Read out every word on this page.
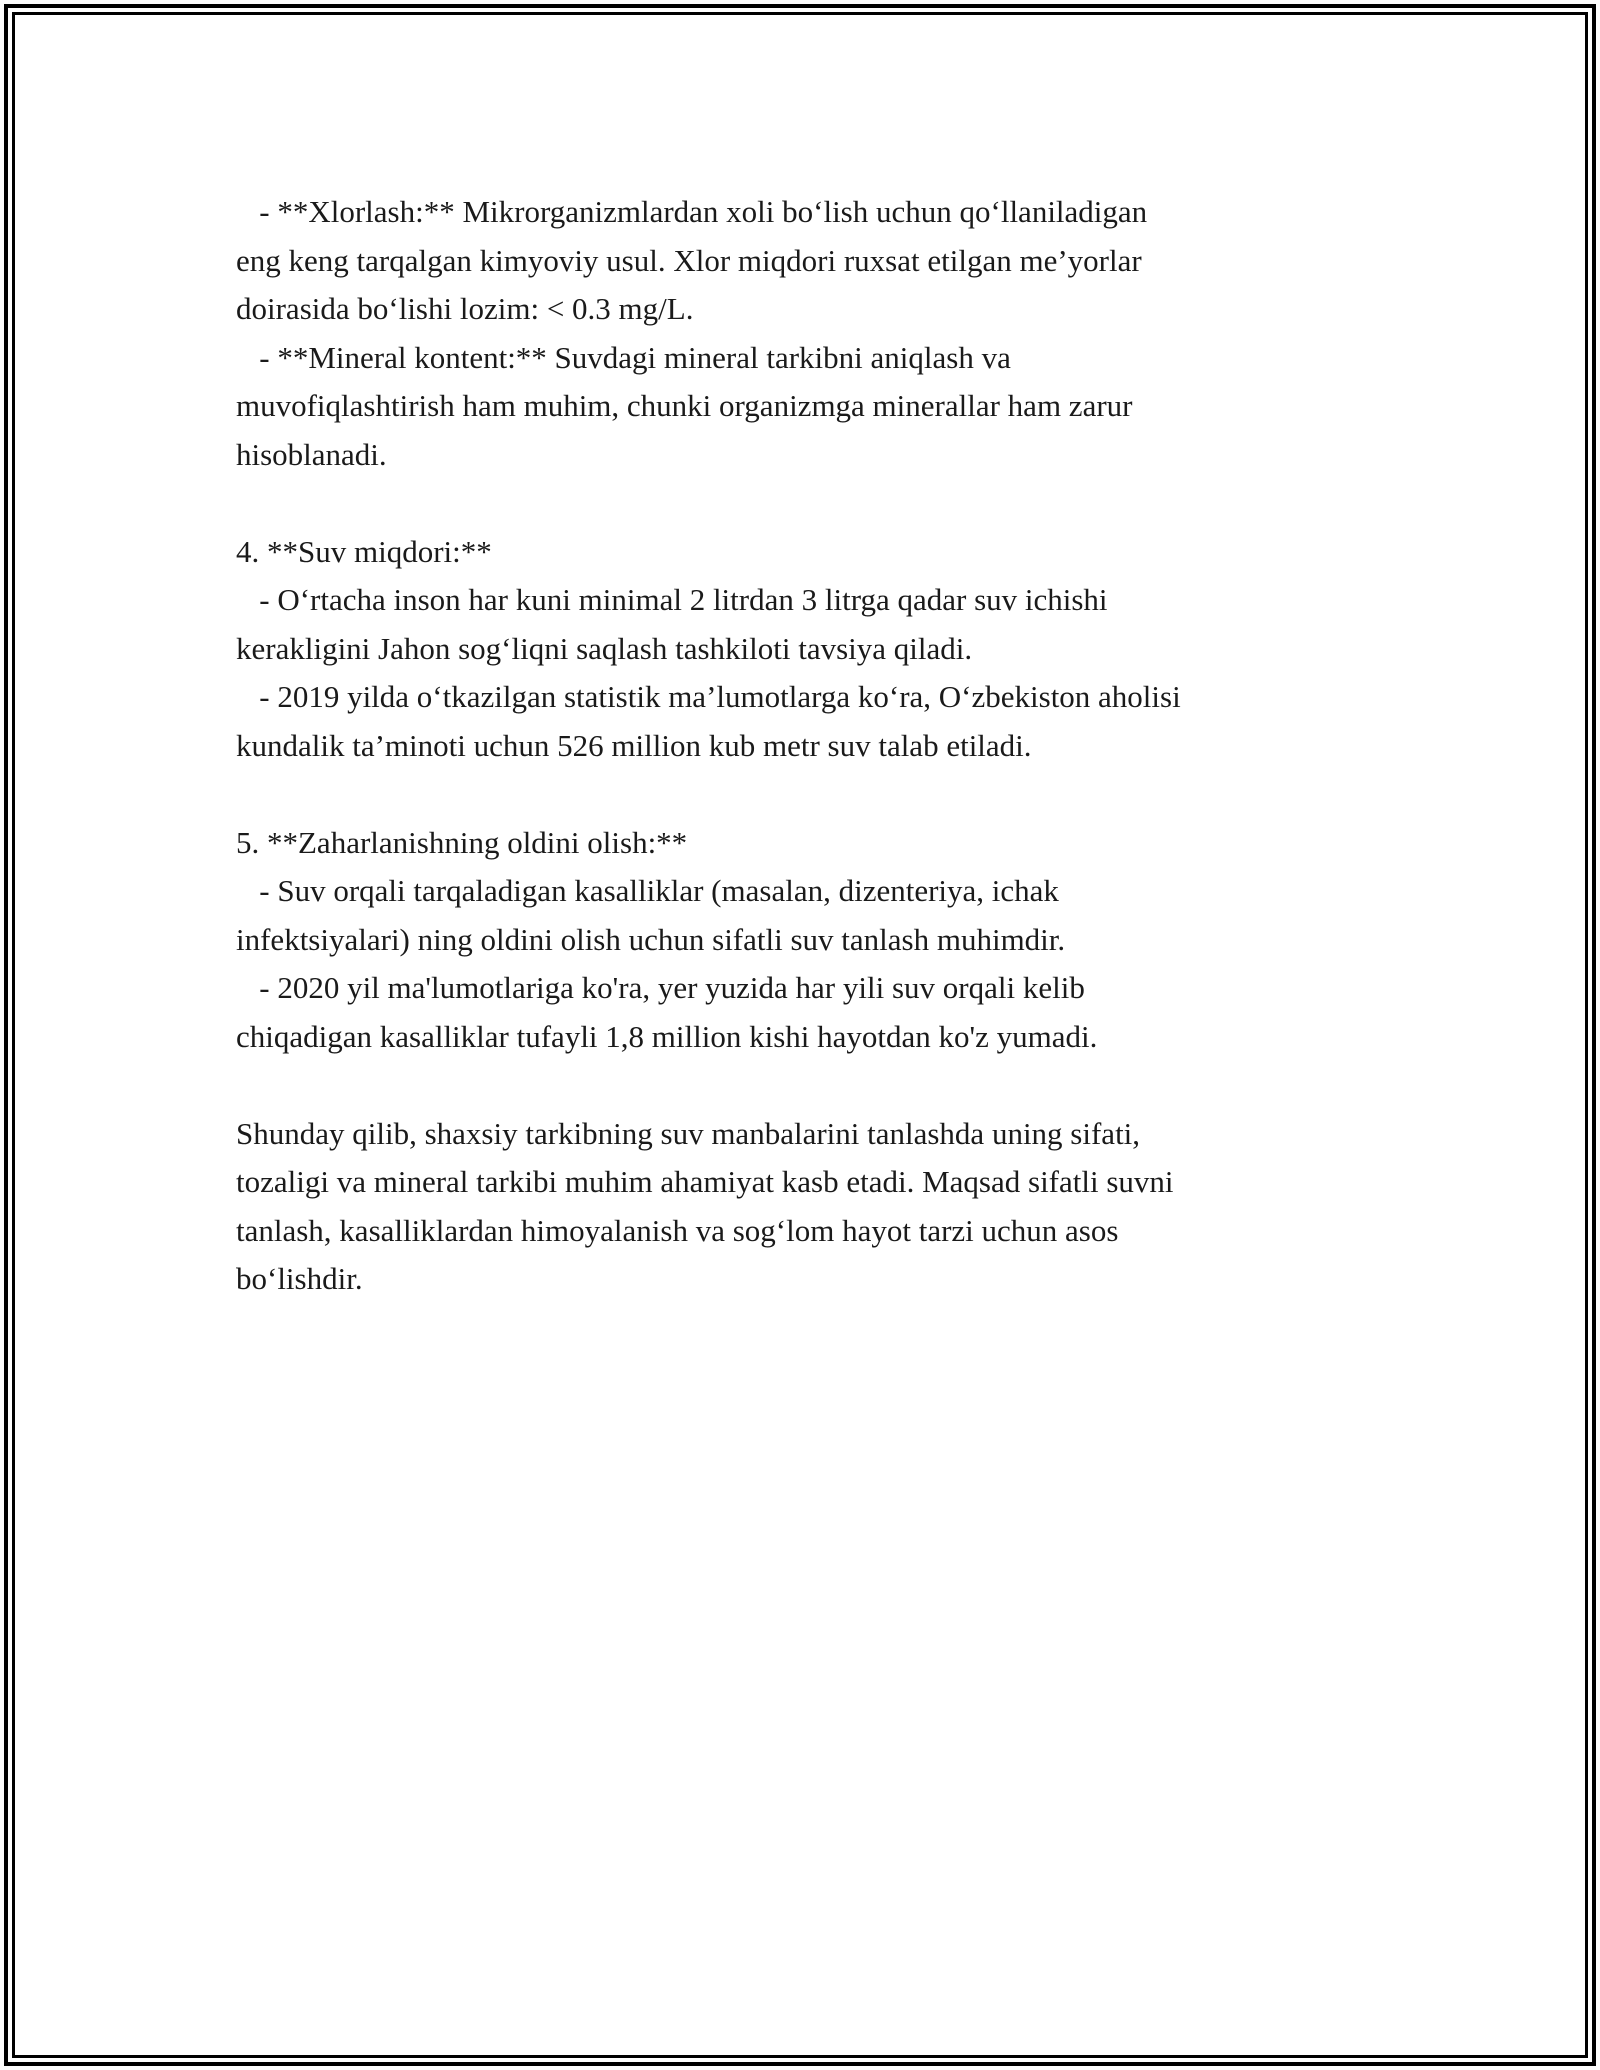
- **Xlorlash:** Mikrorganizmlardan xoli bo‘lish uchun qo‘llaniladigan
eng keng tarqalgan kimyoviy usul. Xlor miqdori ruxsat etilgan me’yorlar
doirasida bo‘lishi lozim: < 0.3 mg/L.
- **Mineral kontent:** Suvdagi mineral tarkibni aniqlash va
muvofiqlashtirish ham muhim, chunki organizmga minerallar ham zarur
hisoblanadi.
4. **Suv miqdori:**
- O‘rtacha inson har kuni minimal 2 litrdan 3 litrga qadar suv ichishi
kerakligini Jahon sog‘liqni saqlash tashkiloti tavsiya qiladi.
- 2019 yilda o‘tkazilgan statistik ma’lumotlarga ko‘ra, O‘zbekiston aholisi
kundalik ta’minoti uchun 526 million kub metr suv talab etiladi.
5. **Zaharlanishning oldini olish:**
- Suv orqali tarqaladigan kasalliklar (masalan, dizenteriya, ichak
infektsiyalari) ning oldini olish uchun sifatli suv tanlash muhimdir.
- 2020 yil ma'lumotlariga ko'ra, yer yuzida har yili suv orqali kelib
chiqadigan kasalliklar tufayli 1,8 million kishi hayotdan ko'z yumadi.
Shunday qilib, shaxsiy tarkibning suv manbalarini tanlashda uning sifati,
tozaligi va mineral tarkibi muhim ahamiyat kasb etadi. Maqsad sifatli suvni
tanlash, kasalliklardan himoyalanish va sog‘lom hayot tarzi uchun asos
bo‘lishdir.
